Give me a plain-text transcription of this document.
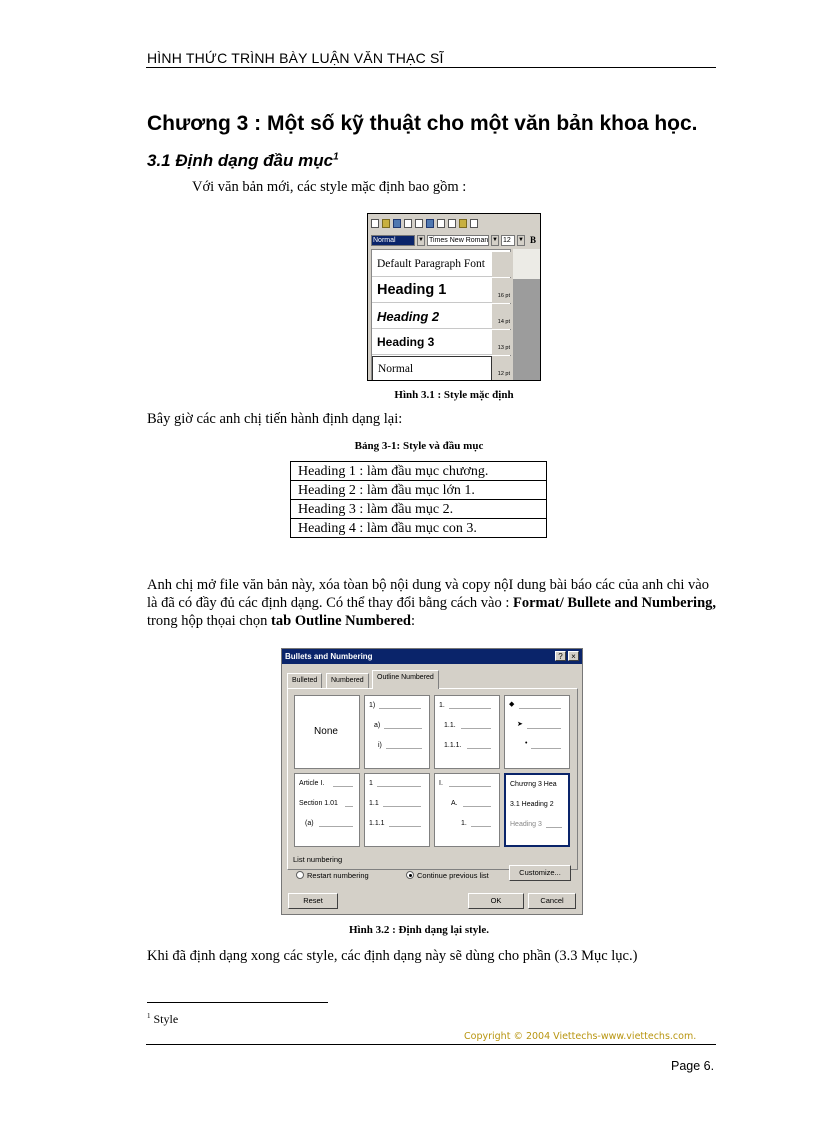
HÌNH THỨC TRÌNH BÀY LUẬN VĂN THẠC SĨ
Chương 3 : Một số kỹ thuật cho một văn bản khoa học.
3.1 Định dạng đầu mục$^1$
Với văn bản mới, các style mặc định bao gồm :
Normal	▼ Times New Roman ▼ 12	▼ B
Default Paragraph Font
Heading 1	16 pt
Heading 2	14 pt
Heading 3	13 pt
Normal	12 pt
Hình 3.1 : Style mặc định
Bây giờ các anh chị tiến hành định dạng lại:
Bảng 3-1: Style và đầu mục
Heading 1 : làm đầu mục chương.
Heading 2 : làm đầu mục lớn 1.
Heading 3 : làm đầu mục 2.
Heading 4 : làm đầu mục con 3.
Anh chị mở file văn bản này, xóa tòan bộ nội dung và copy nộI dung bài báo các của anh chi vào là đã có đầy đủ các định dạng. Có thể thay đổi bằng cách vào : Format/ Bullete and Numbering, trong hộp thọai chọn tab Outline Numbered:
Bullets and Numbering	?	×
Bulleted	Numbered	Outline Numbered
None
1)
a)
i)
1.
1.1.
1.1.1.
◆
➤
•
Article I.
Section 1.01
(a)
1
1.1
1.1.1
I.
A.
1.
Chương 3 Hea
3.1 Heading 2
Heading 3
List numbering
Restart numbering	Continue previous list	Customize...
Reset	OK	Cancel
Hình 3.2 : Định dạng lại style.
Khi đã định dạng xong các style, các định dạng này sẽ dùng cho phần (3.3 Mục lục.)
$^1$ Style
Copyright © 2004 Viettechs-www.viettechs.com.
Page 6.
